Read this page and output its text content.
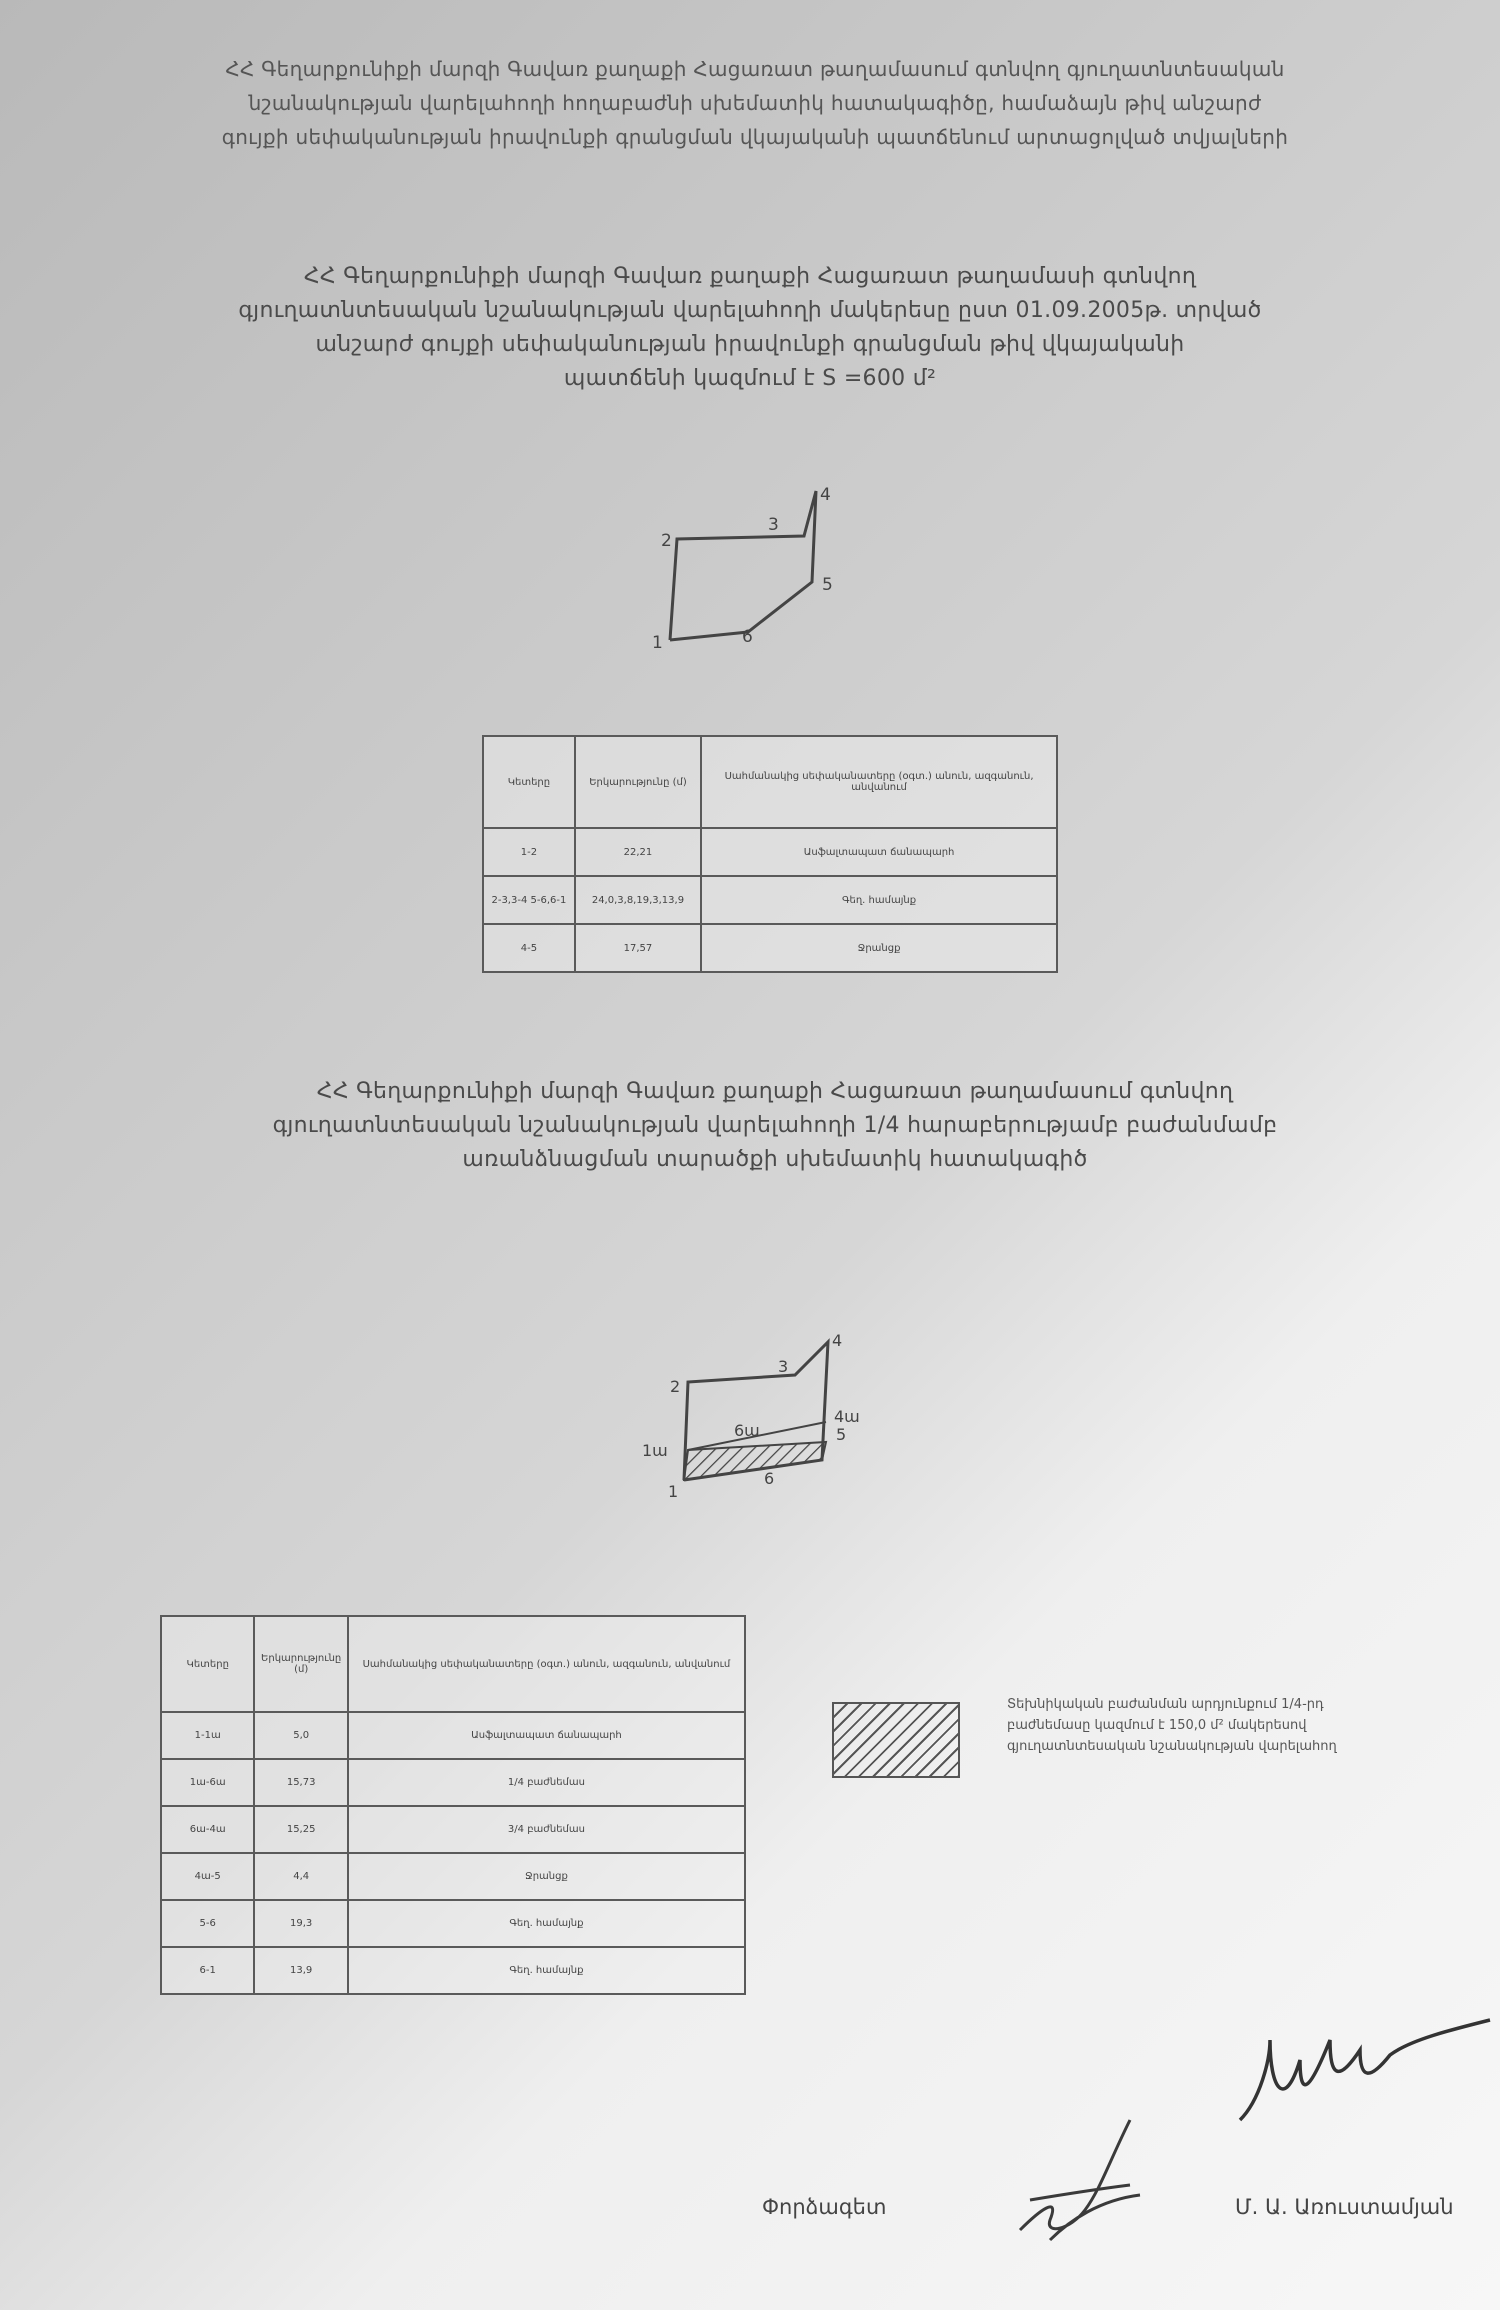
ՀՀ Գեղարքունիքի մարզի Գավառ քաղաքի Հացառատ թաղամասում գտնվող գյուղատնտեսական
նշանակության վարելահողի հողաբաժնի սխեմատիկ հատակագիծը, համաձայն թիվ անշարժ
գույքի սեփականության իրավունքի գրանցման վկայականի պատճենում արտացոլված տվյալների
ՀՀ Գեղարքունիքի մարզի Գավառ քաղաքի Հացառատ թաղամասի գտնվող
գյուղատնտեսական նշանակության վարելահողի մակերեսը ըստ 01.09.2005թ. տրված
անշարժ գույքի սեփականության իրավունքի գրանցման թիվ վկայականի
պատճենի կազմում է S =600 մ²
1
2
3
4
5
6
Կետերը	Երկարությունը (մ)	Սահմանակից սեփականատերը (օգտ.) անուն, ազգանուն, անվանում
1-2	22,21	Ասֆալտապատ ճանապարհ
2-3,3-4 5-6,6-1	24,0,3,8,19,3,13,9	Գեղ. համայնք
4-5	17,57	Ջրանցք
ՀՀ Գեղարքունիքի մարզի Գավառ քաղաքի Հացառատ թաղամասում գտնվող
գյուղատնտեսական նշանակության վարելահողի 1/4 հարաբերությամբ բաժանմամբ
առանձնացման տարածքի սխեմատիկ հատակագիծ
1
2
3
4
5
6
1ա
4ա
6ա
Կետերը	Երկարությունը (մ)	Սահմանակից սեփականատերը (օգտ.) անուն, ազգանուն, անվանում
1-1ա	5,0	Ասֆալտապատ ճանապարհ
1ա-6ա	15,73	1/4 բաժնեմաս
6ա-4ա	15,25	3/4 բաժնեմաս
4ա-5	4,4	Ջրանցք
5-6	19,3	Գեղ. համայնք
6-1	13,9	Գեղ. համայնք
Տեխնիկական բաժանման արդյունքում 1/4-րդ
բաժնեմասը կազմում է 150,0 մ² մակերեսով
գյուղատնտեսական նշանակության վարելահող
Փորձագետ	Մ. Ա. Առուստամյան
